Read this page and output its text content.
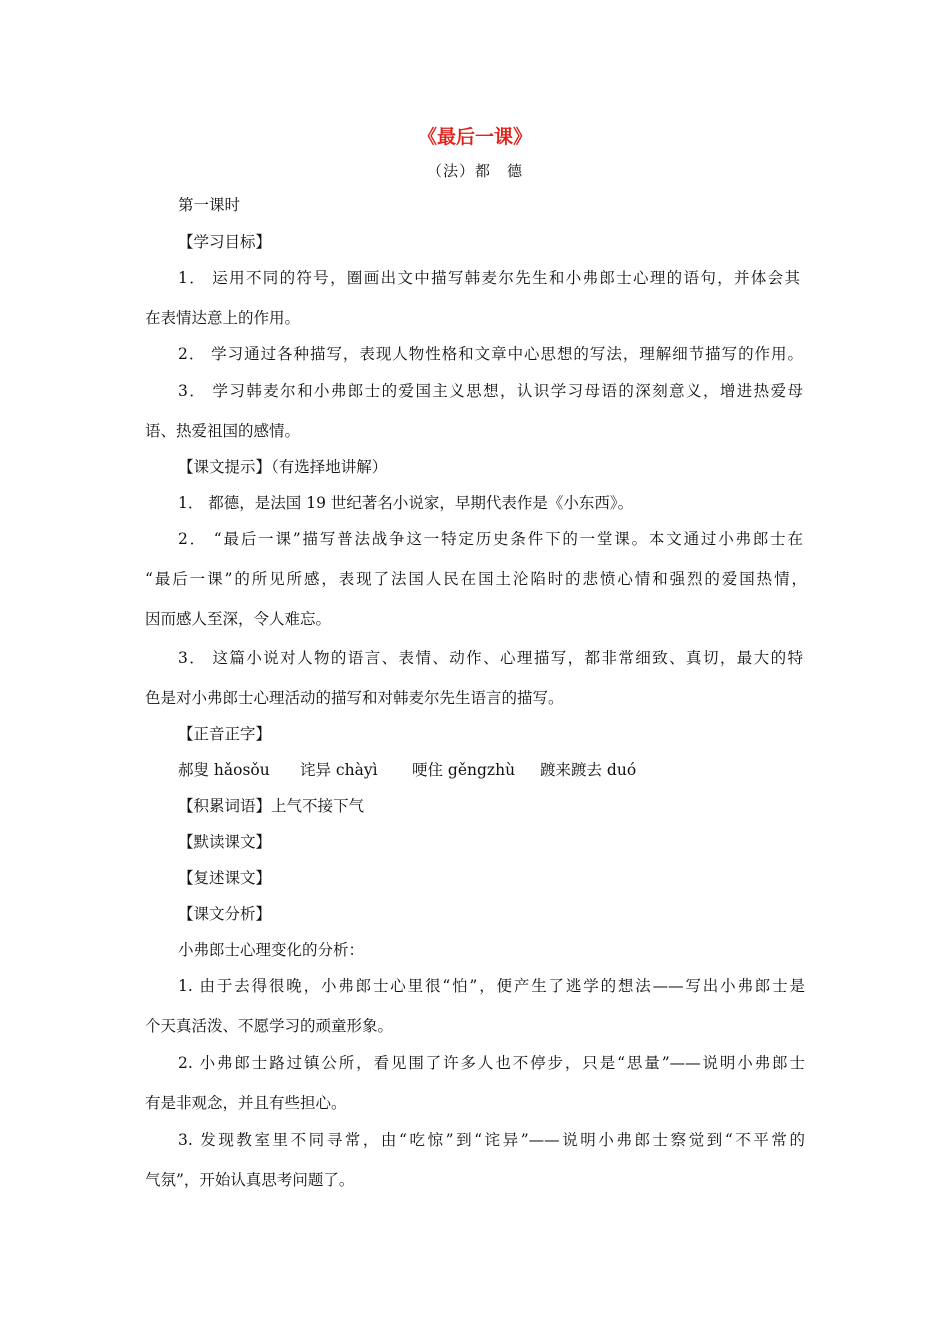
《最后一课》
（法）都　德
第一课时
【学习目标】
1． 运用不同的符号，圈画出文中描写韩麦尔先生和小弗郎士心理的语句，并体会其
在表情达意上的作用。
2． 学习通过各种描写，表现人物性格和文章中心思想的写法，理解细节描写的作用。
3． 学习韩麦尔和小弗郎士的爱国主义思想，认识学习母语的深刻意义，增进热爱母
语、热爱祖国的感情。
【课文提示】（有选择地讲解）
1． 都德，是法国 19 世纪著名小说家，早期代表作是《小东西》。
2． “最后一课”描写普法战争这一特定历史条件下的一堂课。本文通过小弗郎士在
“最后一课”的所见所感，表现了法国人民在国土沦陷时的悲愤心情和强烈的爱国热情，
因而感人至深，令人难忘。
3． 这篇小说对人物的语言、表情、动作、心理描写，都非常细致、真切，最大的特
色是对小弗郎士心理活动的描写和对韩麦尔先生语言的描写。
【正音正字】
郝叟 hǎosǒu 诧异 chàyì 哽住 gěngzhù 踱来踱去 duó
【积累词语】上气不接下气
【默读课文】
【复述课文】
【课文分析】
小弗郎士心理变化的分析：
1. 由于去得很晚，小弗郎士心里很“怕”，便产生了逃学的想法——写出小弗郎士是
个天真活泼、不愿学习的顽童形象。
2. 小弗郎士路过镇公所，看见围了许多人也不停步，只是“思量”——说明小弗郎士
有是非观念，并且有些担心。
3. 发现教室里不同寻常，由“吃惊”到“诧异”——说明小弗郎士察觉到“不平常的
气氛”，开始认真思考问题了。
